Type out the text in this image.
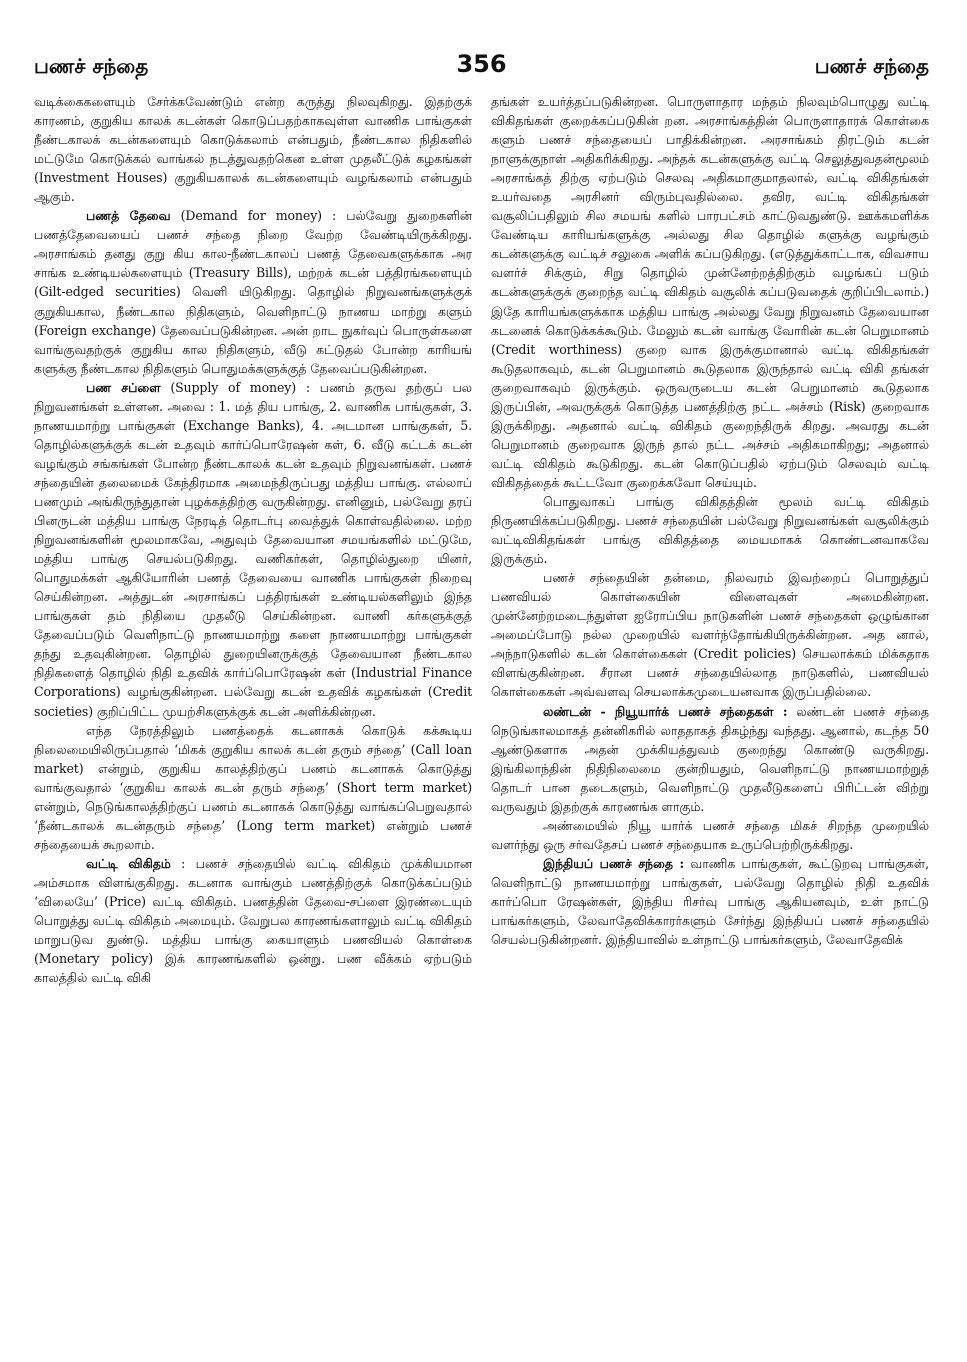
பணச் சந்தை	356	பணச் சந்தை

வடிக்கைகளையும் சேர்க்கவேண்டும் என்ற கருத்து நிலவுகிறது. இதற்குக் காரணம், குறுகிய காலக் கடன்கள் கொடுப்பதற்காகவுள்ள வாணிக பாங்குகள் நீண்டகாலக் கடன்களையும் கொடுக்கலாம் என்பதும், நீண்டகால நிதிகளில் மட்டுமே கொடுக்கல் வாங்கல் நடத்துவதற்கென உள்ள முதலீட்டுக் கழகங்கள் (Investment Houses) குறுகியகாலக் கடன்களையும் வழங்கலாம் என்பதும் ஆகும்.

பணத் தேவை (Demand for money) : பல்வேறு துறைகளின் பணத்தேவையைப் பணச் சந்தை நிறை வேற்ற வேண்டியிருக்கிறது. அரசாங்கம் தனது குறு கிய கால-நீண்டகாலப் பணத் தேவைகளுக்காக அர சாங்க உண்டியல்களையும் (Treasury Bills), மற்றக் கடன் பத்திரங்களையும் (Gilt-edged securities) வெளி யிடுகிறது. தொழில் நிறுவனங்களுக்குக் குறுகியகால, நீண்டகால நிதிகளும், வெளிநாட்டு நாணய மாற்று களும் (Foreign exchange) தேவைப்படுகின்றன. அன் றாட நுகர்வுப் பொருள்களை வாங்குவதற்குக் குறுகிய கால நிதிகளும், வீடு கட்டுதல் போன்ற காரியங் களுக்கு நீண்டகால நிதிகளும் பொதுமக்களுக்குத் தேவைப்படுகின்றன.

பண சப்ளை (Supply of money) : பணம் தருவ தற்குப் பல நிறுவனங்கள் உள்ளன. அவை : 1. மத் திய பாங்கு, 2. வாணிக பாங்குகள், 3. நாணயமாற்று பாங்குகள் (Exchange Banks), 4. அடமான பாங்குகள், 5. தொழில்களுக்குக் கடன் உதவும் கார்ப்பொரேஷன் கள், 6. வீடு கட்டக் கடன் வழங்கும் சங்கங்கள் போன்ற நீண்டகாலக் கடன் உதவும் நிறுவனங்கள். பணச் சந்தையின் தலைமைக் கேந்திரமாக அமைந்திருப்பது மத்திய பாங்கு. எல்லாப் பணமும் அங்கிருந்துதான் புழக்கத்திற்கு வருகின்றது. எனினும், பல்வேறு தரப் பினருடன் மத்திய பாங்கு நேரடித் தொடர்பு வைத்துக் கொள்வதில்லை. மற்ற நிறுவனங்களின் மூலமாகவே, அதுவும் தேவையான சமயங்களில் மட்டுமே, மத்திய பாங்கு செயல்படுகிறது. வணிகர்கள், தொழில்துறை யினர், பொதுமக்கள் ஆகியோரின் பணத் தேவையை வாணிக பாங்குகள் நிறைவு செய்கின்றன. அத்துடன் அரசாங்கப் பத்திரங்கள் உண்டியல்களிலும் இந்த பாங்குகள் தம் நிதியை முதலீடு செய்கின்றன. வாணி கர்களுக்குத் தேவைப்படும் வெளிநாட்டு நாணயமாற்று களை நாணயமாற்று பாங்குகள் தந்து உதவுகின்றன. தொழில் துறையினருக்குத் தேவையான நீண்டகால நிதிகளைத் தொழில் நிதி உதவிக் கார்ப்பொரேஷன் கள் (Industrial Finance Corporations) வழங்குகின்றன. பல்வேறு கடன் உதவிக் கழகங்கள் (Credit societies) குறிப்பிட்ட முயற்சிகளுக்குக் கடன் அளிக்கின்றன.

எந்த நேரத்திலும் பணத்தைக் கடனாகக் கொடுக் கக்கூடிய நிலைமையிலிருப்பதால் ‘மிகக் குறுகிய காலக் கடன் தரும் சந்தை’ (Call loan market) என்றும், குறுகிய காலத்திற்குப் பணம் கடனாகக் கொடுத்து வாங்குவதால் ‘குறுகிய காலக் கடன் தரும் சந்தை’ (Short term market) என்றும், நெடுங்காலத்திற்குப் பணம் கடனாகக் கொடுத்து வாங்கப்பெறுவதால் ‘நீண்டகாலக் கடன்தரும் சந்தை’ (Long term market) என்றும் பணச் சந்தையைக் கூறலாம்.

வட்டி விகிதம் : பணச் சந்தையில் வட்டி விகிதம் முக்கியமான அம்சமாக விளங்குகிறது. கடனாக வாங்கும் பணத்திற்குக் கொடுக்கப்படும் ‘விலையே’ (Price) வட்டி விகிதம். பணத்தின் தேவை-சப்ளை இரண்டையும் பொறுத்து வட்டி விகிதம் அமையும். வேறுபல காரணங்களாலும் வட்டி விகிதம் மாறுபடுவ துண்டு. மத்திய பாங்கு கையாளும் பணவியல் கொள்கை (Monetary policy) இக் காரணங்களில் ஒன்று. பண வீக்கம் ஏற்படும் காலத்தில் வட்டி விகி

தங்கள் உயர்த்தப்படுகின்றன. பொருளாதார மந்தம் நிலவும்பொழுது வட்டி விகிதங்கள் குறைக்கப்படுகின் றன. அரசாங்கத்தின் பொருளாதாரக் கொள்கை களும் பணச் சந்தையைப் பாதிக்கின்றன. அரசாங்கம் திரட்டும் கடன் நாளுக்குநாள் அதிகரிக்கிறது. அந்தக் கடன்களுக்கு வட்டி செலுத்துவதன்மூலம் அரசாங்கத் திற்கு ஏற்படும் செலவு அதிகமாகுமாதலால், வட்டி விகிதங்கள் உயர்வதை அரசினர் விரும்புவதில்லை. தவிர, வட்டி விகிதங்கள் வசூலிப்பதிலும் சில சமயங் களில் பாரபட்சம் காட்டுவதுண்டு. ஊக்கமளிக்க வேண்டிய காரியங்களுக்கு அல்லது சில தொழில் களுக்கு வழங்கும் கடன்களுக்கு வட்டிச் சலுகை அளிக் கப்படுகிறது. (எடுத்துக்காட்டாக, விவசாய வளர்ச் சிக்கும், சிறு தொழில் முன்னேற்றத்திற்கும் வழங்கப் படும் கடன்களுக்குக் குறைந்த வட்டி விகிதம் வசூலிக் கப்படுவதைக் குறிப்பிடலாம்.) இதே காரியங்களுக்காக மத்திய பாங்கு அல்லது வேறு நிறுவனம் தேவையான கடனைக் கொடுக்கக்கூடும். மேலும் கடன் வாங்கு வோரின் கடன் பெறுமானம் (Credit worthiness) குறை வாக இருக்குமானால் வட்டி விகிதங்கள் கூடுதலாகவும், கடன் பெறுமானம் கூடுதலாக இருந்தால் வட்டி விகி தங்கள் குறைவாகவும் இருக்கும். ஒருவருடைய கடன் பெறுமானம் கூடுதலாக இருப்பின், அவருக்குக் கொடுத்த பணத்திற்கு நட்ட அச்சம் (Risk) குறைவாக இருக்கிறது. அதனால் வட்டி விகிதம் குறைந்திருக் கிறது. அவரது கடன் பெறுமானம் குறைவாக இருந் தால் நட்ட அச்சம் அதிகமாகிறது; அதனால் வட்டி விகிதம் கூடுகிறது. கடன் கொடுப்பதில் ஏற்படும் செலவும் வட்டி விகிதத்தைக் கூட்டவோ குறைக்கவோ செய்யும்.

பொதுவாகப் பாங்கு விகிதத்தின் மூலம் வட்டி விகிதம் நிருணயிக்கப்படுகிறது. பணச் சந்தையின் பல்வேறு நிறுவனங்கள் வசூலிக்கும் வட்டிவிகிதங்கள் பாங்கு விகிதத்தை மையமாகக் கொண்டனவாகவே இருக்கும்.

பணச் சந்தையின் தன்மை, நிலவரம் இவற்றைப் பொறுத்துப் பணவியல் கொள்கையின் விளைவுகள் அமைகின்றன. முன்னேற்றமடைந்துள்ள ஐரோப்பிய நாடுகளின் பணச் சந்தைகள் ஒழுங்கான அமைப்போடு நல்ல முறையில் வளர்ந்தோங்கியிருக்கின்றன. அத னால், அந்நாடுகளில் கடன் கொள்கைகள் (Credit policies) செயலாக்கம் மிக்கதாக விளங்குகின்றன. சீரான பணச் சந்தையில்லாத நாடுகளில், பணவியல் கொள்கைகள் அவ்வளவு செயலாக்கமுடையனவாக இருப்பதில்லை.

லண்டன் - நியூயார்க் பணச் சந்தைகள் : லண்டன் பணச் சந்தை நெடுங்காலமாகத் தன்னிகரில் லாததாகத் திகழ்ந்து வந்தது. ஆனால், கடந்த 50 ஆண்டுகளாக அதன் முக்கியத்துவம் குறைந்து கொண்டு வருகிறது. இங்கிலாந்தின் நிதிநிலைமை குன்றியதும், வெளிநாட்டு நாணயமாற்றுத் தொடர் பான தடைகளும், வெளிநாட்டு முதலீடுகளைப் பிரிட்டன் விற்று வருவதும் இதற்குக் காரணங்க ளாகும்.

அண்மையில் நியூ யார்க் பணச் சந்தை மிகச் சிறந்த முறையில் வளர்ந்து ஒரு சர்வதேசப் பணச் சந்தையாக உருப்பெற்றிருக்கிறது.

இந்தியப் பணச் சந்தை : வாணிக பாங்குகள், கூட்டுறவு பாங்குகள், வெளிநாட்டு நாணயமாற்று பாங்குகள், பல்வேறு தொழில் நிதி உதவிக் கார்ப்பொ ரேஷன்கள், இந்திய ரிசர்வு பாங்கு ஆகியனவும், உள் நாட்டு பாங்கர்களும், லேவாதேவிக்காரர்களும் சேர்ந்து இந்தியப் பணச் சந்தையில் செயல்படுகின்றனர். இந்தியாவில் உள்நாட்டு பாங்கர்களும், லேவாதேவிக்
